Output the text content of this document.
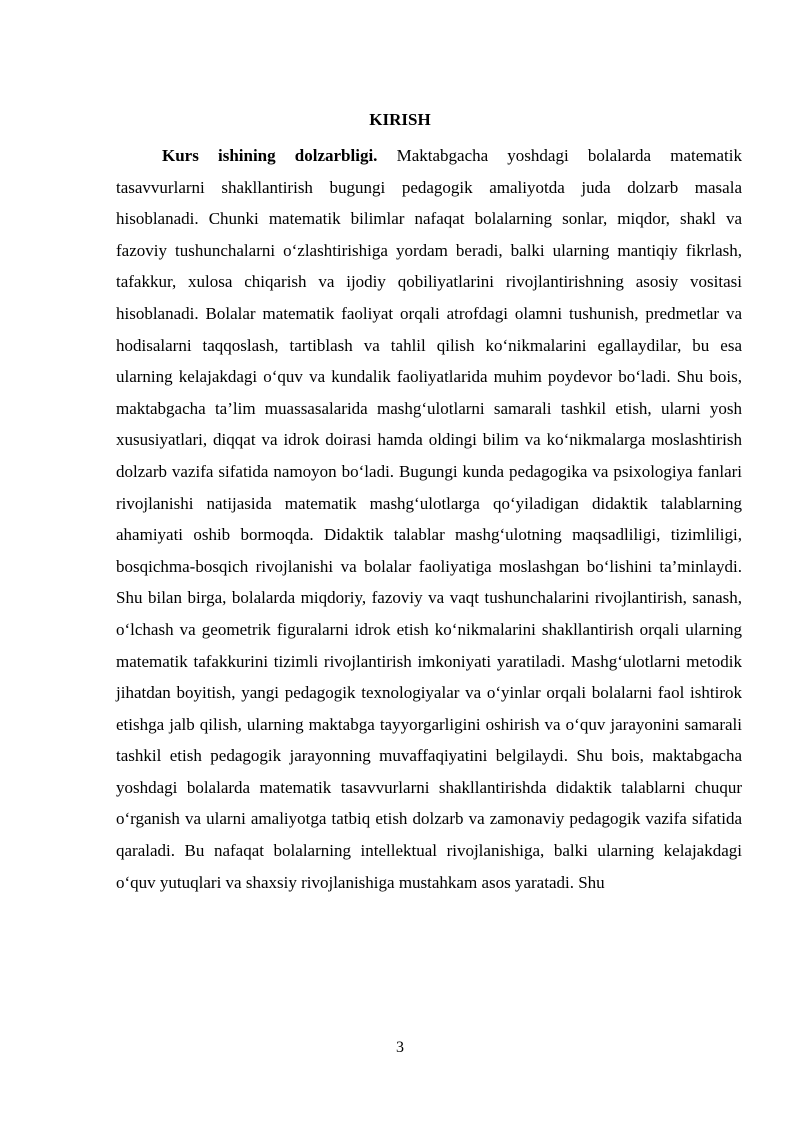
KIRISH

Kurs ishining dolzarbligi. Maktabgacha yoshdagi bolalarda matematik tasavvurlarni shakllantirish bugungi pedagogik amaliyotda juda dolzarb masala hisoblanadi. Chunki matematik bilimlar nafaqat bolalarning sonlar, miqdor, shakl va fazoviy tushunchalarni o‘zlashtirishiga yordam beradi, balki ularning mantiqiy fikrlash, tafakkur, xulosa chiqarish va ijodiy qobiliyatlarini rivojlantirishning asosiy vositasi hisoblanadi. Bolalar matematik faoliyat orqali atrofdagi olamni tushunish, predmetlar va hodisalarni taqqoslash, tartiblash va tahlil qilish ko‘nikmalarini egallaydilar, bu esa ularning kelajakdagi o‘quv va kundalik faoliyatlarida muhim poydevor bo‘ladi. Shu bois, maktabgacha ta’lim muassasalarida mashg‘ulotlarni samarali tashkil etish, ularni yosh xususiyatlari, diqqat va idrok doirasi hamda oldingi bilim va ko‘nikmalarga moslashtirish dolzarb vazifa sifatida namoyon bo‘ladi. Bugungi kunda pedagogika va psixologiya fanlari rivojlanishi natijasida matematik mashg‘ulotlarga qo‘yiladigan didaktik talablarning ahamiyati oshib bormoqda. Didaktik talablar mashg‘ulotning maqsadliligi, tizimliligi, bosqichma-bosqich rivojlanishi va bolalar faoliyatiga moslashgan bo‘lishini ta’minlaydi. Shu bilan birga, bolalarda miqdoriy, fazoviy va vaqt tushunchalarini rivojlantirish, sanash, o‘lchash va geometrik figuralarni idrok etish ko‘nikmalarini shakllantirish orqali ularning matematik tafakkurini tizimli rivojlantirish imkoniyati yaratiladi. Mashg‘ulotlarni metodik jihatdan boyitish, yangi pedagogik texnologiyalar va o‘yinlar orqali bolalarni faol ishtirok etishga jalb qilish, ularning maktabga tayyorgarligini oshirish va o‘quv jarayonini samarali tashkil etish pedagogik jarayonning muvaffaqiyatini belgilaydi. Shu bois, maktabgacha yoshdagi bolalarda matematik tasavvurlarni shakllantirishda didaktik talablarni chuqur o‘rganish va ularni amaliyotga tatbiq etish dolzarb va zamonaviy pedagogik vazifa sifatida qaraladi. Bu nafaqat bolalarning intellektual rivojlanishiga, balki ularning kelajakdagi o‘quv yutuqlari va shaxsiy rivojlanishiga mustahkam asos yaratadi. Shu

3
